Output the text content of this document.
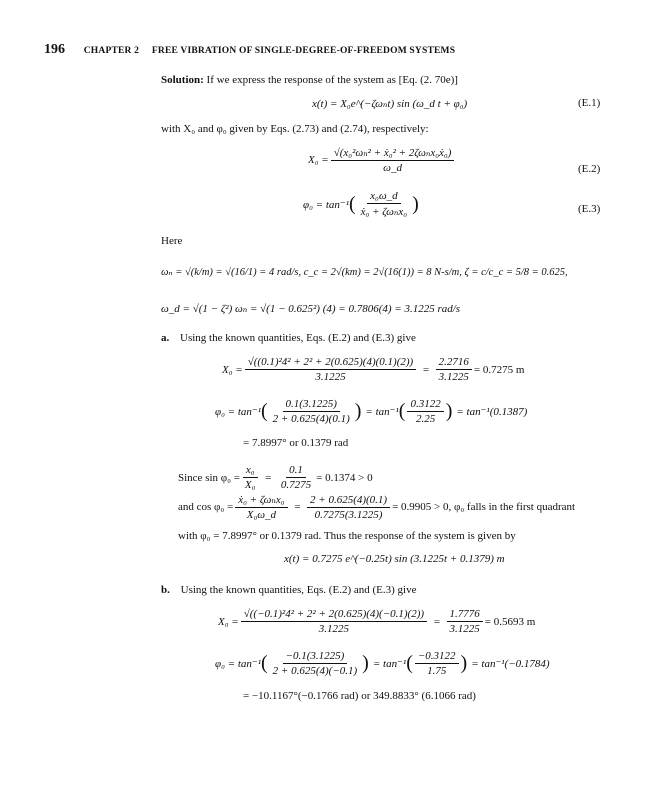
196 CHAPTER 2 FREE VIBRATION OF SINGLE-DEGREE-OF-FREEDOM SYSTEMS
Solution: If we express the response of the system as [Eq. (2. 70e)]
x(t) = X₀e^(−ζωₙt) sin (ω_d t + φ₀)	(E.1)
with X₀ and φ₀ given by Eqs. (2.73) and (2.74), respectively:
$X_0 = \frac{\text{√(x₀²ωₙ² + ẋ₀² + 2ζωₙx₀ẋ₀)}}{\omega\_d}$	(E.2)
φ₀ = tan⁻¹ ( $\frac{\text{x₀ω\_d}}{\text{ẋ₀ + ζωₙx₀}}$ )	(E.3)
Here
ωₙ = √(k/m) = √(16/1) = 4 rad/s, c_c = 2√(km) = 2√(16(1)) = 8 N-s/m, ζ = c/c_c = 5/8 = 0.625,
ω_d = √(1 − ζ²) ωₙ = √(1 − 0.625²) (4) = 0.7806(4) = 3.1225 rad/s
a. Using the known quantities, Eqs. (E.2) and (E.3) give
$X_0 = \frac{\text{√((0.1)²4² + 2² + 2(0.625)(4)(0.1)(2))}}{3.1225} = \frac{2.2716}{3.1225} = 0.7275$ m
φ₀ = tan⁻¹ ( $\frac{0.1(3.1225)}{2 + 0.625(4)(0.1)}$ ) = tan⁻¹ ( $\frac{0.3122}{2.25}$ ) = tan⁻¹(0.1387)
= 7.8997° or 0.1379 rad
Since $\sin \varphi_0 = \frac{\text{x₀}}{\text{X₀}} = \frac{0.1}{0.7275} = 0.1374 > 0$
and $\cos \varphi_0 = \frac{\text{ẋ₀ + ζωₙx₀}}{\text{X₀ω\_d}} = \frac{2 + 0.625(4)(0.1)}{0.7275(3.1225)} = 0.9905 > 0$, φ₀ falls in the first quadrant
with φ₀ = 7.8997° or 0.1379 rad. Thus the response of the system is given by
x(t) = 0.7275 e^(−0.25t) sin (3.1225t + 0.1379) m
b. Using the known quantities, Eqs. (E.2) and (E.3) give
$X_0 = \frac{\text{√((−0.1)²4² + 2² + 2(0.625)(4)(−0.1)(2))}}{3.1225} = \frac{1.7776}{3.1225} = 0.5693$ m
φ₀ = tan⁻¹ ( $\frac{-0.1(3.1225)}{2 + 0.625(4)(-0.1)}$ ) = tan⁻¹ ( $\frac{-0.3122}{1.75}$ ) = tan⁻¹(−0.1784)
= −10.1167°(−0.1766 rad) or 349.8833° (6.1066 rad)
